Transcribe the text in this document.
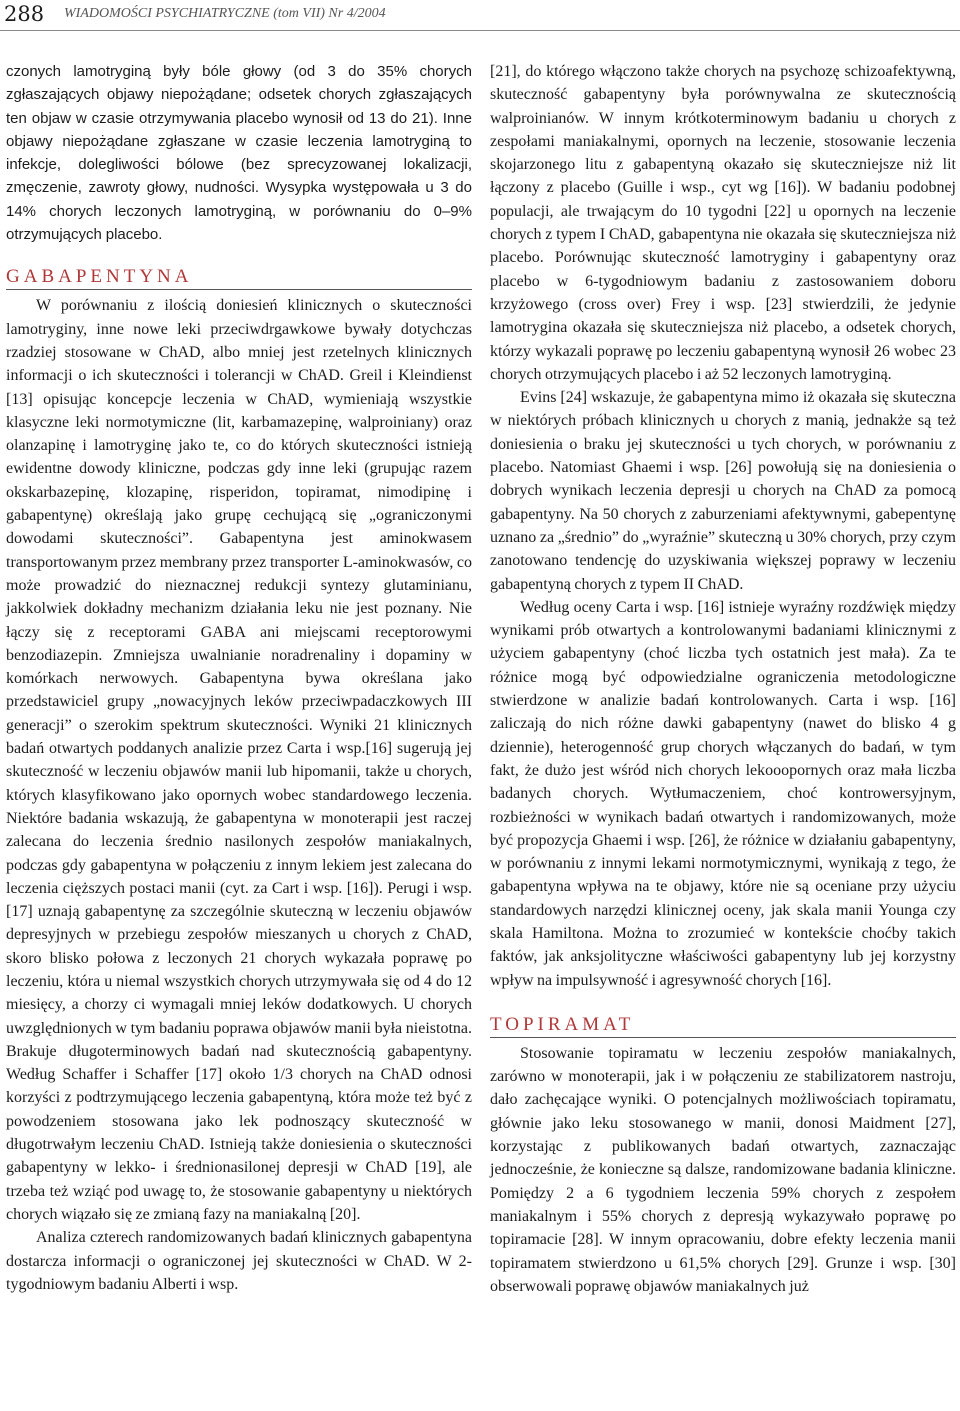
288 WIADOMOŚCI PSYCHIATRYCZNE (tom VII) Nr 4/2004

czonych lamotryginą były bóle głowy (od 3 do 35% chorych zgłaszających objawy niepożądane; odsetek chorych zgłaszających ten objaw w czasie otrzymywania placebo wynosił od 13 do 21). Inne objawy niepożądane zgłaszane w czasie leczenia lamotryginą to infekcje, dolegliwości bólowe (bez sprecyzowanej lokalizacji, zmęczenie, zawroty głowy, nudności. Wysypka występowała u 3 do 14% chorych leczonych lamotryginą, w porównaniu do 0–9% otrzymujących placebo.

GABAPENTYNA

W porównaniu z ilością doniesień klinicznych o skuteczności lamotryginy, inne nowe leki przeciwdrgawkowe bywały dotychczas rzadziej stosowane w ChAD, albo mniej jest rzetelnych klinicznych informacji o ich skuteczności i tolerancji w ChAD. Greil i Kleindienst [13] opisując koncepcje leczenia w ChAD, wymieniają wszystkie klasyczne leki normotymiczne (lit, karbamazepinę, walproiniany) oraz olanzapinę i lamotryginę jako te, co do których skuteczności istnieją ewidentne dowody kliniczne, podczas gdy inne leki (grupując razem okskarbazepinę, klozapinę, risperidon, topiramat, nimodipinę i gabapentynę) określają jako grupę cechującą się „ograniczonymi dowodami skuteczności”. Gabapentyna jest aminokwasem transportowanym przez membrany przez transporter L-aminokwasów, co może prowadzić do nieznacznej redukcji syntezy glutaminianu, jakkolwiek dokładny mechanizm działania leku nie jest poznany. Nie łączy się z receptorami GABA ani miejscami receptorowymi benzodiazepin. Zmniejsza uwalnianie noradrenaliny i dopaminy w komórkach nerwowych. Gabapentyna bywa określana jako przedstawiciel grupy „nowacyjnych leków przeciwpadaczkowych III generacji” o szerokim spektrum skuteczności. Wyniki 21 klinicznych badań otwartych poddanych analizie przez Carta i wsp.[16] sugerują jej skuteczność w leczeniu objawów manii lub hipomanii, także u chorych, których klasyfikowano jako opornych wobec standardowego leczenia. Niektóre badania wskazują, że gabapentyna w monoterapii jest raczej zalecana do leczenia średnio nasilonych zespołów maniakalnych, podczas gdy gabapentyna w połączeniu z innym lekiem jest zalecana do leczenia cięższych postaci manii (cyt. za Cart i wsp. [16]). Perugi i wsp. [17] uznają gabapentynę za szczególnie skuteczną w leczeniu objawów depresyjnych w przebiegu zespołów mieszanych u chorych z ChAD, skoro blisko połowa z leczonych 21 chorych wykazała poprawę po leczeniu, która u niemal wszystkich chorych utrzymywała się od 4 do 12 miesięcy, a chorzy ci wymagali mniej leków dodatkowych. U chorych uwzględnionych w tym badaniu poprawa objawów manii była nieistotna. Brakuje długoterminowych badań nad skutecznością gabapentyny. Według Schaffer i Schaffer [17] około 1/3 chorych na ChAD odnosi korzyści z podtrzymującego leczenia gabapentyną, która może też być z powodzeniem stosowana jako lek podnoszący skuteczność w długotrwałym leczeniu ChAD. Istnieją także doniesienia o skuteczności gabapentyny w lekko- i średnionasilonej depresji w ChAD [19], ale trzeba też wziąć pod uwagę to, że stosowanie gabapentyny u niektórych chorych wiązało się ze zmianą fazy na maniakalną [20].

Analiza czterech randomizowanych badań klinicznych gabapentyna dostarcza informacji o ograniczonej jej skuteczności w ChAD. W 2-tygodniowym badaniu Alberti i wsp.

[21], do którego włączono także chorych na psychozę schizoafektywną, skuteczność gabapentyny była porównywalna ze skutecznością walproinianów. W innym krótkoterminowym badaniu u chorych z zespołami maniakalnymi, opornych na leczenie, stosowanie leczenia skojarzonego litu z gabapentyną okazało się skuteczniejsze niż lit łączony z placebo (Guille i wsp., cyt wg [16]). W badaniu podobnej populacji, ale trwającym do 10 tygodni [22] u opornych na leczenie chorych z typem I ChAD, gabapentyna nie okazała się skuteczniejsza niż placebo. Porównując skuteczność lamotryginy i gabapentyny oraz placebo w 6-tygodniowym badaniu z zastosowaniem doboru krzyżowego (cross over) Frey i wsp. [23] stwierdzili, że jedynie lamotrygina okazała się skuteczniejsza niż placebo, a odsetek chorych, którzy wykazali poprawę po leczeniu gabapentyną wynosił 26 wobec 23 chorych otrzymujących placebo i aż 52 leczonych lamotryginą.

Evins [24] wskazuje, że gabapentyna mimo iż okazała się skuteczna w niektórych próbach klinicznych u chorych z manią, jednakże są też doniesienia o braku jej skuteczności u tych chorych, w porównaniu z placebo. Natomiast Ghaemi i wsp. [26] powołują się na doniesienia o dobrych wynikach leczenia depresji u chorych na ChAD za pomocą gabapentyny. Na 50 chorych z zaburzeniami afektywnymi, gabepentynę uznano za „średnio” do „wyraźnie” skuteczną u 30% chorych, przy czym zanotowano tendencję do uzyskiwania większej poprawy w leczeniu gabapentyną chorych z typem II ChAD.

Według oceny Carta i wsp. [16] istnieje wyraźny rozdźwięk między wynikami prób otwartych a kontrolowanymi badaniami klinicznymi z użyciem gabapentyny (choć liczba tych ostatnich jest mała). Za te różnice mogą być odpowiedzialne ograniczenia metodologiczne stwierdzone w analizie badań kontrolowanych. Carta i wsp. [16] zaliczają do nich różne dawki gabapentyny (nawet do blisko 4 g dziennie), heterogenność grup chorych włączanych do badań, w tym fakt, że dużo jest wśród nich chorych lekooopornych oraz mała liczba badanych chorych. Wytłumaczeniem, choć kontrowersyjnym, rozbieżności w wynikach badań otwartych i randomizowanych, może być propozycja Ghaemi i wsp. [26], że różnice w działaniu gabapentyny, w porównaniu z innymi lekami normotymicznymi, wynikają z tego, że gabapentyna wpływa na te objawy, które nie są oceniane przy użyciu standardowych narzędzi klinicznej oceny, jak skala manii Younga czy skala Hamiltona. Można to zrozumieć w kontekście choćby takich faktów, jak anksjolityczne właściwości gabapentyny lub jej korzystny wpływ na impulsywność i agresywność chorych [16].

TOPIRAMAT

Stosowanie topiramatu w leczeniu zespołów maniakalnych, zarówno w monoterapii, jak i w połączeniu ze stabilizatorem nastroju, dało zachęcające wyniki. O potencjalnych możliwościach topiramatu, głównie jako leku stosowanego w manii, donosi Maidment [27], korzystając z publikowanych badań otwartych, zaznaczając jednocześnie, że konieczne są dalsze, randomizowane badania kliniczne. Pomiędzy 2 a 6 tygodniem leczenia 59% chorych z zespołem maniakalnym i 55% chorych z depresją wykazywało poprawę po topiramacie [28]. W innym opracowaniu, dobre efekty leczenia manii topiramatem stwierdzono u 61,5% chorych [29]. Grunze i wsp. [30] obserwowali poprawę objawów maniakalnych już
